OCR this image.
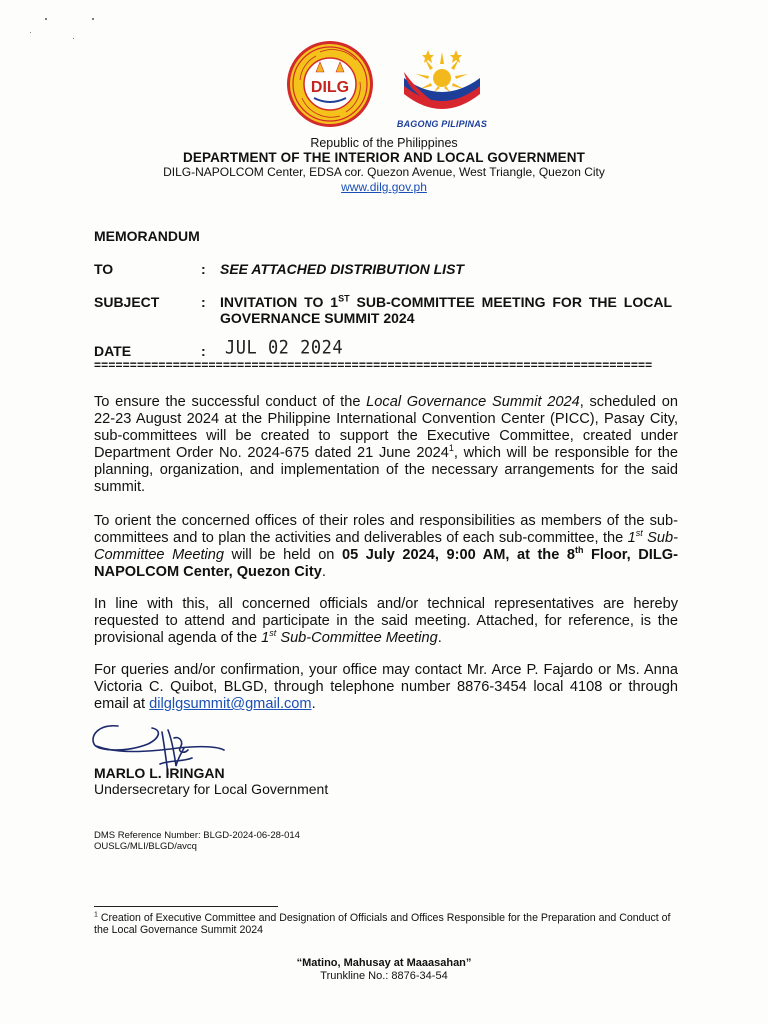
DILG
BAGONG PILIPINAS
Republic of the Philippines
DEPARTMENT OF THE INTERIOR AND LOCAL GOVERNMENT
DILG-NAPOLCOM Center, EDSA cor. Quezon Avenue, West Triangle, Quezon City
www.dilg.gov.ph
MEMORANDUM
TO	: SEE ATTACHED DISTRIBUTION LIST
SUBJECT	: INVITATION TO 1ST SUB-COMMITTEE MEETING FOR THE LOCAL GOVERNANCE SUMMIT 2024
DATE	: JUL 02 2024
==============================================================================
To ensure the successful conduct of the Local Governance Summit 2024, scheduled on 22-23 August 2024 at the Philippine International Convention Center (PICC), Pasay City, sub-committees will be created to support the Executive Committee, created under Department Order No. 2024-675 dated 21 June 2024$^1$, which will be responsible for the planning, organization, and implementation of the necessary arrangements for the said summit.
To orient the concerned offices of their roles and responsibilities as members of the sub-committees and to plan the activities and deliverables of each sub-committee, the 1st Sub-Committee Meeting will be held on 05 July 2024, 9:00 AM, at the 8th Floor, DILG-NAPOLCOM Center, Quezon City.
In line with this, all concerned officials and/or technical representatives are hereby requested to attend and participate in the said meeting. Attached, for reference, is the provisional agenda of the 1st Sub-Committee Meeting.
For queries and/or confirmation, your office may contact Mr. Arce P. Fajardo or Ms. Anna Victoria C. Quibot, BLGD, through telephone number 8876-3454 local 4108 or through email at dilglgsummit@gmail.com.
MARLO L. IRINGAN
Undersecretary for Local Government
DMS Reference Number: BLGD-2024-06-28-014
OUSLG/MLI/BLGD/avcq
$^1$ Creation of Executive Committee and Designation of Officials and Offices Responsible for the Preparation and Conduct of the Local Governance Summit 2024
“Matino, Mahusay at Maaasahan”
Trunkline No.: 8876-34-54
